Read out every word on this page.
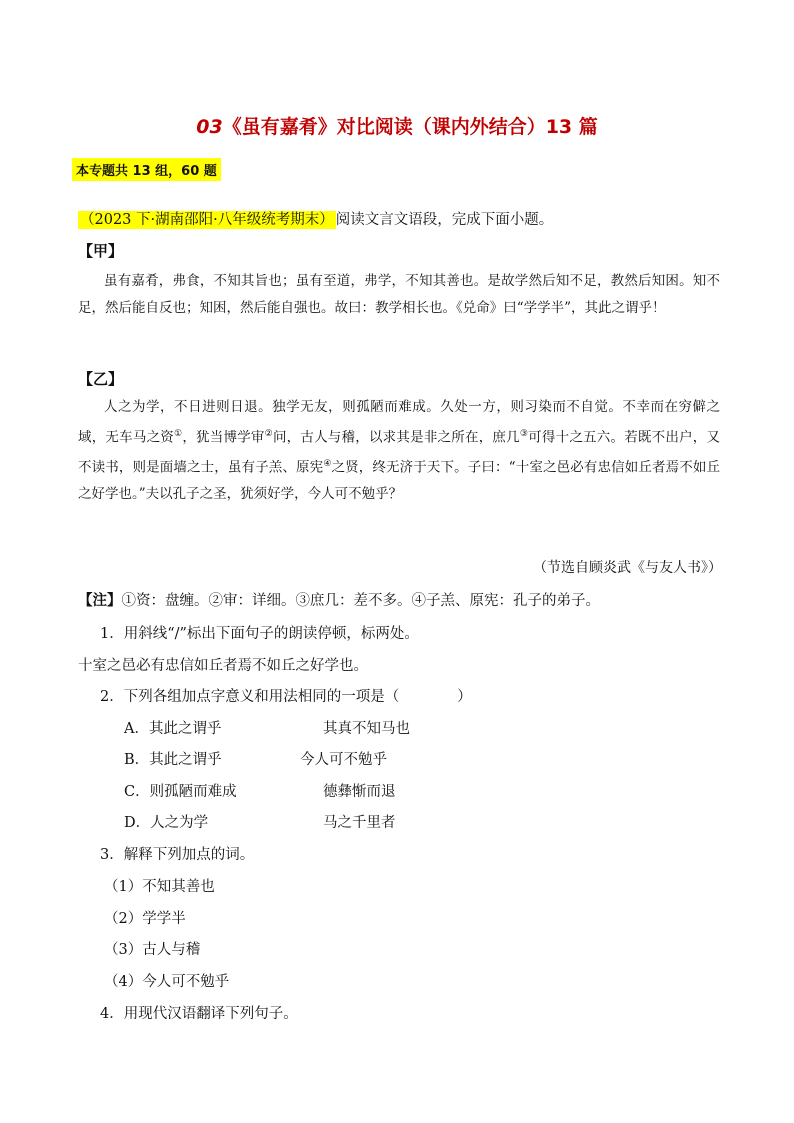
03《虽有嘉肴》对比阅读（课内外结合）13 篇
本专题共 13 组，60 题
（2023 下·湖南邵阳·八年级统考期末） 阅读文言文语段，完成下面小题。
【甲】
虽有嘉肴，弗食，不知其旨也；虽有至道，弗学，不知其善也。是故学然后知不足，教然后知困。知不足，然后能自反也；知困，然后能自强也。故曰：教学相长也。《兑命》曰“学学半”，其此之谓乎！
【乙】
人之为学，不日进则日退。独学无友，则孤陋而难成。久处一方，则习染而不自觉。不幸而在穷僻之域，无车马之资①，犹当博学审②问，古人与稽，以求其是非之所在，庶几③可得十之五六。若既不出户，又不读书，则是面墙之士，虽有子羔、原宪④之贤，终无济于天下。子曰：“十室之邑必有忠信如丘者焉不如丘之好学也。”夫以孔子之圣，犹须好学，今人可不勉乎？
（节选自顾炎武《与友人书》）
【注】①资：盘缠。②审：详细。③庶几：差不多。④子羔、原宪：孔子的弟子。
1．用斜线“/”标出下面句子的朗读停顿，标两处。
十室之邑必有忠信如丘者焉不如丘之好学也。
2．下列各组加点字意义和用法相同的一项是（　　　　）
A．其此之谓乎	其真不知马也
B．其此之谓乎	今人可不勉乎
C．则孤陋而难成	德彝惭而退
D．人之为学	马之千里者
3．解释下列加点的词。
（1）不知其善也
（2）学学半
（3）古人与稽
（4）今人可不勉乎
4．用现代汉语翻译下列句子。
